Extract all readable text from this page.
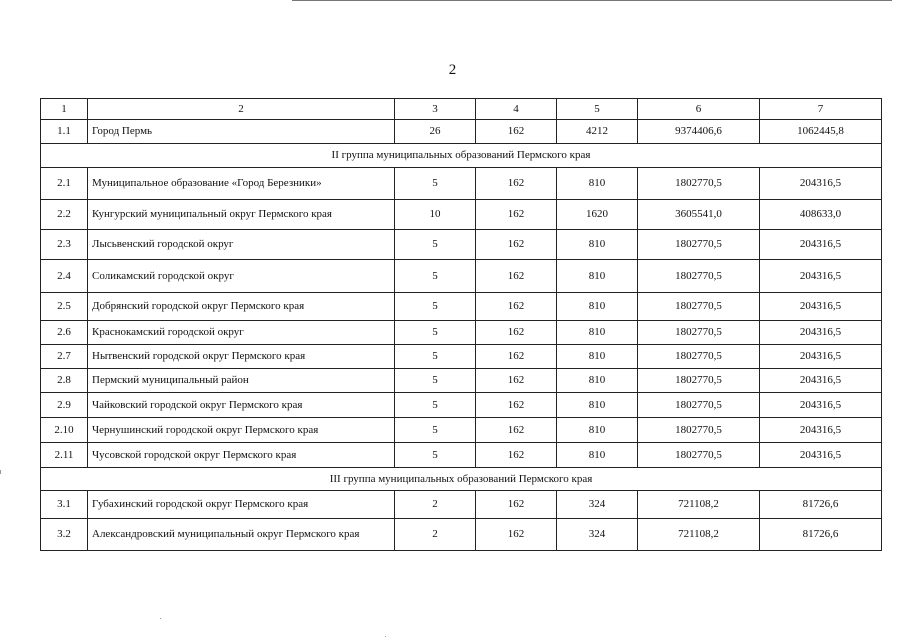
2
1	2	3	4	5	6	7
1.1	Город Пермь	26	162	4212	9374406,6	1062445,8
II группа муниципальных образований Пермского края						
2.1	Муниципальное образование «Город Березники»	5	162	810	1802770,5	204316,5
2.2	Кунгурский муниципальный округ Пермского края	10	162	1620	3605541,0	408633,0
2.3	Лысьвенский городской округ	5	162	810	1802770,5	204316,5
2.4	Соликамский городской округ	5	162	810	1802770,5	204316,5
2.5	Добрянский городской округ Пермского края	5	162	810	1802770,5	204316,5
2.6	Краснокамский городской округ	5	162	810	1802770,5	204316,5
2.7	Нытвенский городской округ Пермского края	5	162	810	1802770,5	204316,5
2.8	Пермский муниципальный район	5	162	810	1802770,5	204316,5
2.9	Чайковский городской округ Пермского края	5	162	810	1802770,5	204316,5
2.10	Чернушинский городской округ Пермского края	5	162	810	1802770,5	204316,5
2.11	Чусовской городской округ Пермского края	5	162	810	1802770,5	204316,5
III группа муниципальных образований Пермского края						
3.1	Губахинский городской округ Пермского края	2	162	324	721108,2	81726,6
3.2	Александровский муниципальный округ Пермского края	2	162	324	721108,2	81726,6
